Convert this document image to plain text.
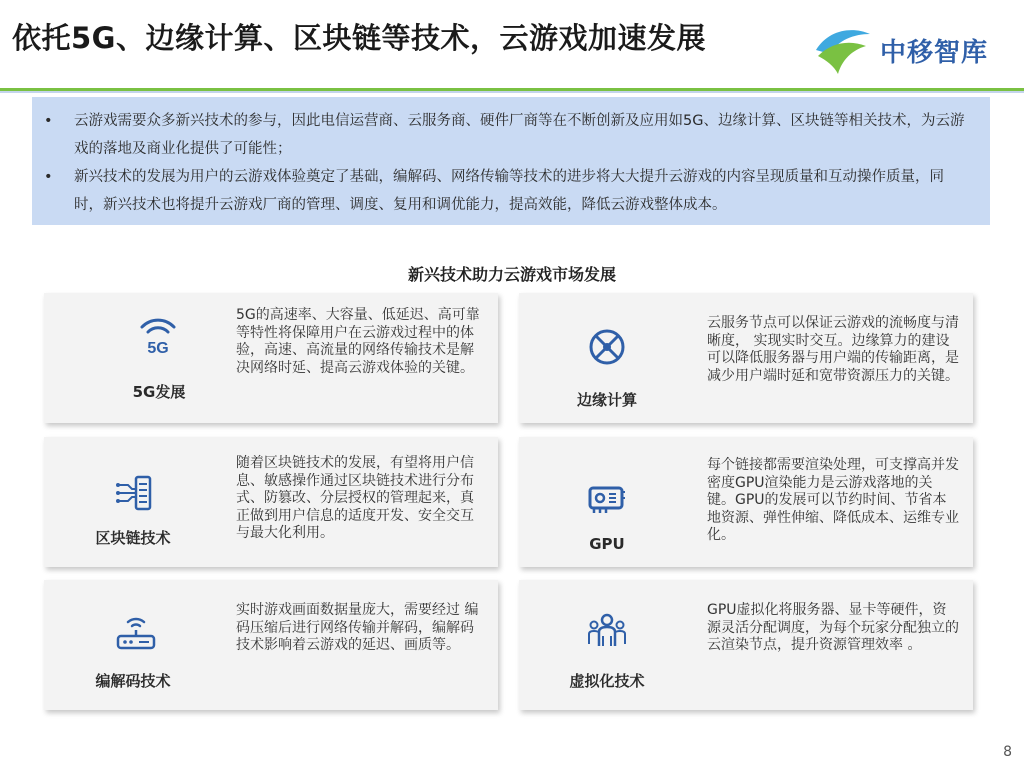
依托5G、边缘计算、区块链等技术，云游戏加速发展	中移智库
• 云游戏需要众多新兴技术的参与，因此电信运营商、云服务商、硬件厂商等在不断创新及应用如5G、边缘计算、区块链等相关技术，为云游戏的落地及商业化提供了可能性；
• 新兴技术的发展为用户的云游戏体验奠定了基础，编解码、网络传输等技术的进步将大大提升云游戏的内容呈现质量和互动操作质量，同时，新兴技术也将提升云游戏厂商的管理、调度、复用和调优能力，提高效能，降低云游戏整体成本。
新兴技术助力云游戏市场发展
5G
5G发展
5G的高速率、大容量、低延迟、高可靠等特性将保障用户在云游戏过程中的体验，高速、高流量的网络传输技术是解决网络时延、提高云游戏体验的关键。
边缘计算
云服务节点可以保证云游戏的流畅度与清晰度， 实现实时交互。边缘算力的建设可以降低服务器与用户端的传输距离，是减少用户端时延和宽带资源压力的关键。
区块链技术
随着区块链技术的发展，有望将用户信息、敏感操作通过区块链技术进行分布式、防篡改、分层授权的管理起来，真正做到用户信息的适度开发、安全交互与最大化利用。
GPU
每个链接都需要渲染处理，可支撑高并发密度GPU渲染能力是云游戏落地的关键。GPU的发展可以节约时间、节省本地资源、弹性伸缩、降低成本、运维专业化。
编解码技术
实时游戏画面数据量庞大，需要经过 编码压缩后进行网络传输并解码，编解码技术影响着云游戏的延迟、画质等。
虚拟化技术
GPU虚拟化将服务器、显卡等硬件，资源灵活分配调度，为每个玩家分配独立的云渲染节点，提升资源管理效率 。
8
